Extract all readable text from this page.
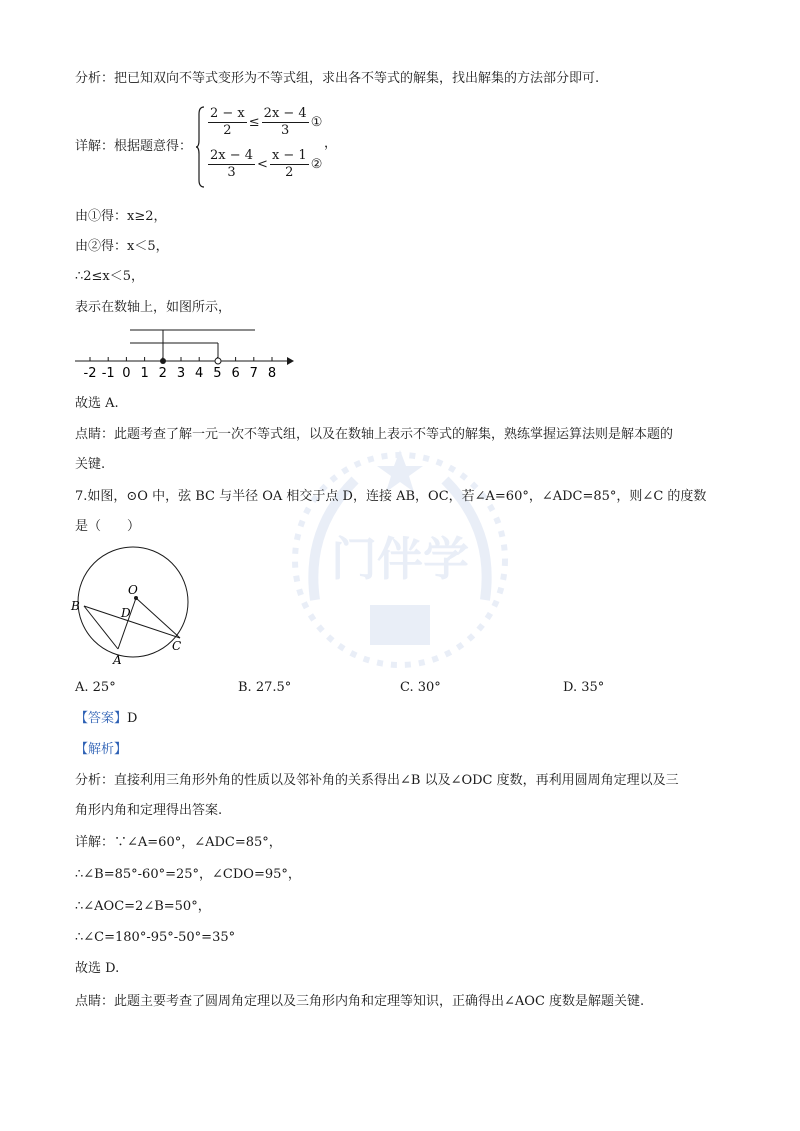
门伴学
分析：把已知双向不等式变形为不等式组，求出各不等式的解集，找出解集的方法部分即可.
详解：根据题意得：
$\frac{2 - x}{2} \le \frac{2x - 4}{3}$ ①
$\frac{2x - 4}{3} < \frac{x - 1}{2}$ ②
，
由①得：x≥2，
由②得：x＜5，
∴2≤x＜5，
表示在数轴上，如图所示，
-2 -1 0 1 2 3 4 5 6 7 8
故选 A.
点睛：此题考查了解一元一次不等式组，以及在数轴上表示不等式的解集，熟练掌握运算法则是解本题的
关键.
7.如图，⊙O 中，弦 BC 与半径 OA 相交于点 D，连接 AB，OC，若∠A=60°，∠ADC=85°，则∠C 的度数
是（　　）
O
B	D
A
C
A. 25°	B. 27.5°	C. 30°	D. 35°
【答案】D
【解析】
分析：直接利用三角形外角的性质以及邻补角的关系得出∠B 以及∠ODC 度数，再利用圆周角定理以及三
角形内角和定理得出答案.
详解：∵∠A=60°，∠ADC=85°，
∴∠B=85°-60°=25°，∠CDO=95°，
∴∠AOC=2∠B=50°，
∴∠C=180°-95°-50°=35°
故选 D.
点睛：此题主要考查了圆周角定理以及三角形内角和定理等知识，正确得出∠AOC 度数是解题关键.
